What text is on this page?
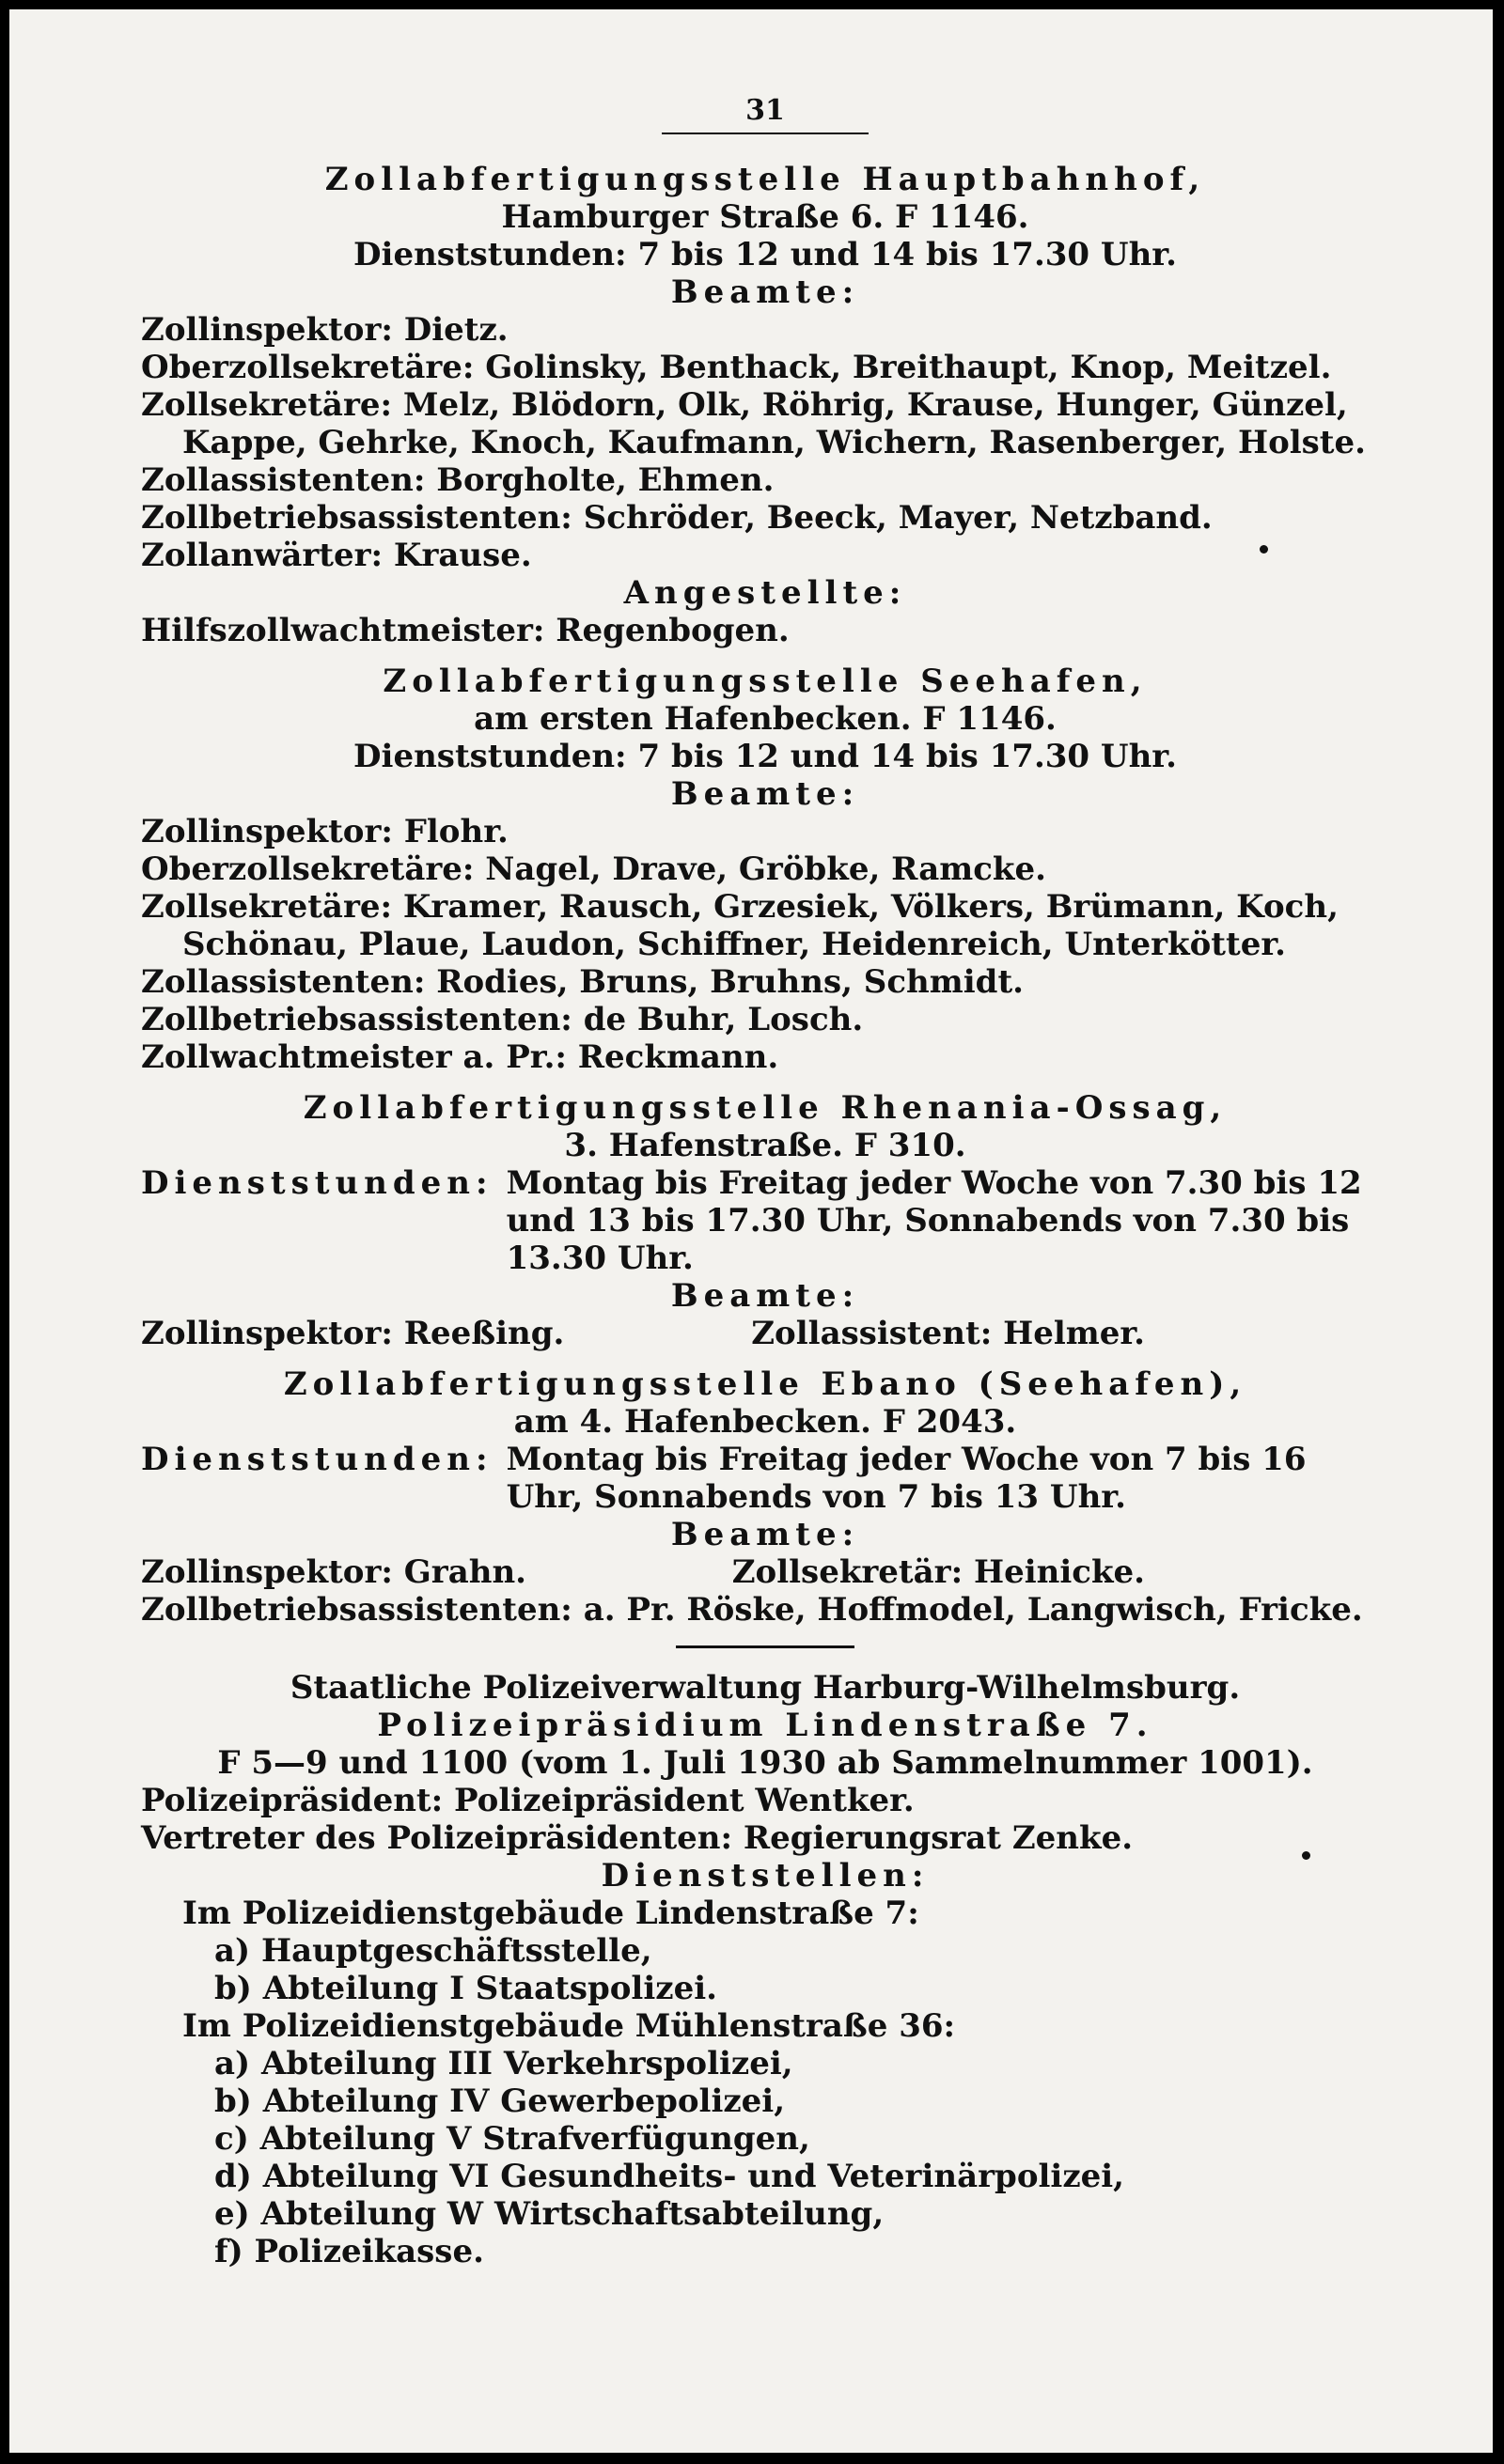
31
Zollabfertigungsstelle Hauptbahnhof,
Hamburger Straße 6. F 1146.
Dienststunden: 7 bis 12 und 14 bis 17.30 Uhr.
Beamte:
Zollinspektor: Dietz.
Oberzollsekretäre: Golinsky, Benthack, Breithaupt, Knop, Meitzel.
Zollsekretäre: Melz, Blödorn, Olk, Röhrig, Krause, Hunger, Günzel,
Kappe, Gehrke, Knoch, Kaufmann, Wichern, Rasenberger, Holste.
Zollassistenten: Borgholte, Ehmen.
Zollbetriebsassistenten: Schröder, Beeck, Mayer, Netzband.
Zollanwärter: Krause.
Angestellte:
Hilfszollwachtmeister: Regenbogen.
Zollabfertigungsstelle Seehafen,
am ersten Hafenbecken. F 1146.
Dienststunden: 7 bis 12 und 14 bis 17.30 Uhr.
Beamte:
Zollinspektor: Flohr.
Oberzollsekretäre: Nagel, Drave, Gröbke, Ramcke.
Zollsekretäre: Kramer, Rausch, Grzesiek, Völkers, Brümann, Koch,
Schönau, Plaue, Laudon, Schiffner, Heidenreich, Unterkötter.
Zollassistenten: Rodies, Bruns, Bruhns, Schmidt.
Zollbetriebsassistenten: de Buhr, Losch.
Zollwachtmeister a. Pr.: Reckmann.
Zollabfertigungsstelle Rhenania-Ossag,
3. Hafenstraße. F 310.
Dienststunden: Montag bis Freitag jeder Woche von 7.30 bis 12 und 13 bis 17.30 Uhr, Sonnabends von 7.30 bis 13.30 Uhr.
Beamte:
Zollinspektor: Reeßing.	Zollassistent: Helmer.
Zollabfertigungsstelle Ebano (Seehafen),
am 4. Hafenbecken. F 2043.
Dienststunden: Montag bis Freitag jeder Woche von 7 bis 16 Uhr, Sonnabends von 7 bis 13 Uhr.
Beamte:
Zollinspektor: Grahn.	Zollsekretär: Heinicke.
Zollbetriebsassistenten: a. Pr. Röske, Hoffmodel, Langwisch, Fricke.
Staatliche Polizeiverwaltung Harburg-Wilhelmsburg.
Polizeipräsidium Lindenstraße 7.
F 5—9 und 1100 (vom 1. Juli 1930 ab Sammelnummer 1001).
Polizeipräsident: Polizeipräsident Wentker.
Vertreter des Polizeipräsidenten: Regierungsrat Zenke.
Dienststellen:
Im Polizeidienstgebäude Lindenstraße 7:
a) Hauptgeschäftsstelle,
b) Abteilung I Staatspolizei.
Im Polizeidienstgebäude Mühlenstraße 36:
a) Abteilung III Verkehrspolizei,
b) Abteilung IV Gewerbepolizei,
c) Abteilung V Strafverfügungen,
d) Abteilung VI Gesundheits- und Veterinärpolizei,
e) Abteilung W Wirtschaftsabteilung,
f) Polizeikasse.
